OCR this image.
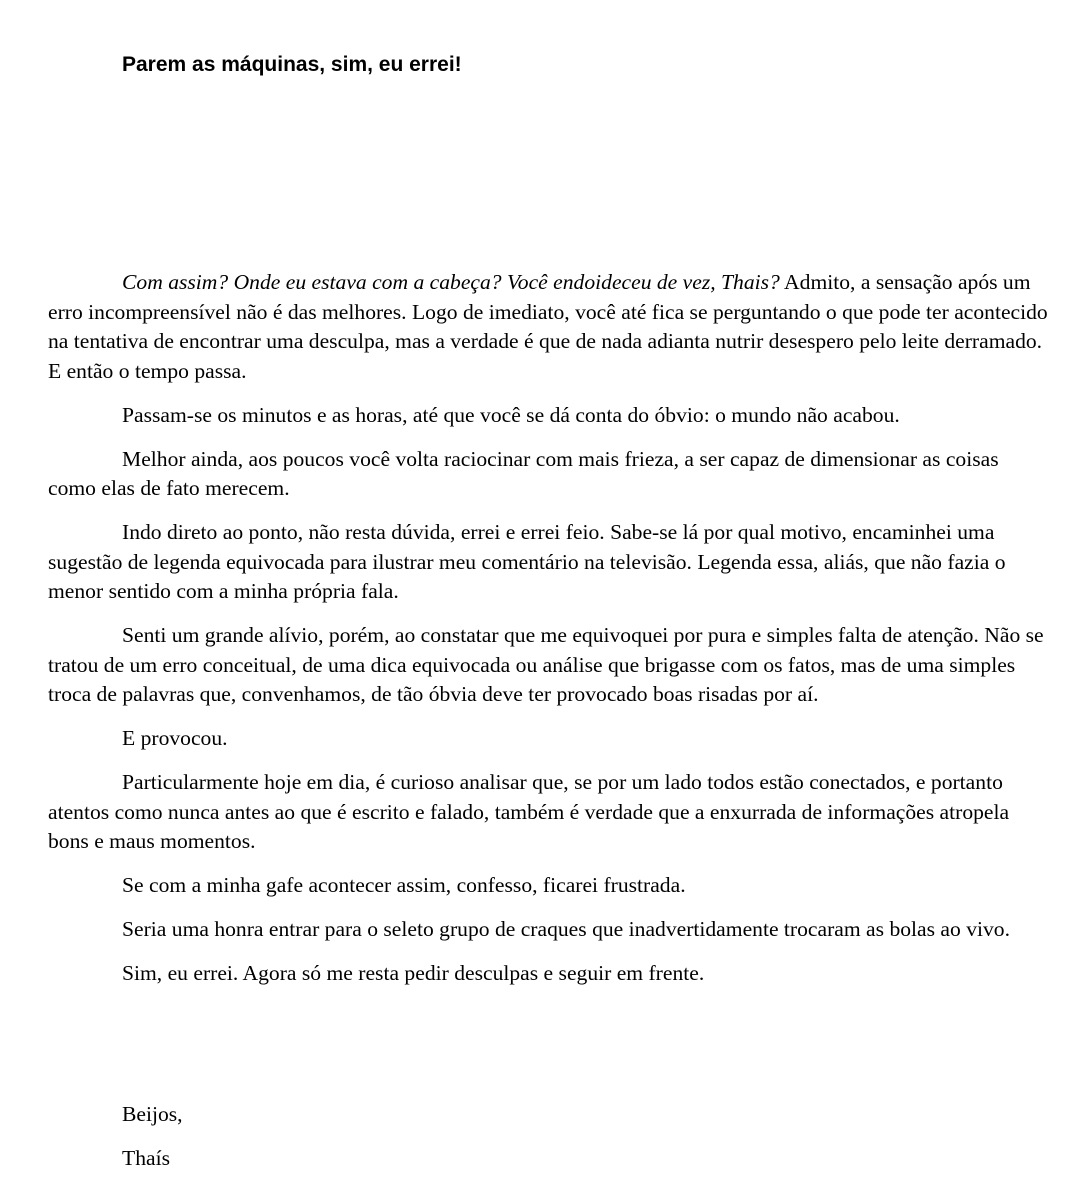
Parem as máquinas, sim, eu errei!

Com assim? Onde eu estava com a cabeça? Você endoideceu de vez, Thais? Admito, a sensação após um erro incompreensível não é das melhores. Logo de imediato, você até fica se perguntando o que pode ter acontecido na tentativa de encontrar uma desculpa, mas a verdade é que de nada adianta nutrir desespero pelo leite derramado. E então o tempo passa.

Passam-se os minutos e as horas, até que você se dá conta do óbvio: o mundo não acabou.

Melhor ainda, aos poucos você volta raciocinar com mais frieza, a ser capaz de dimensionar as coisas como elas de fato merecem.

Indo direto ao ponto, não resta dúvida, errei e errei feio. Sabe-se lá por qual motivo, encaminhei uma sugestão de legenda equivocada para ilustrar meu comentário na televisão. Legenda essa, aliás, que não fazia o menor sentido com a minha própria fala.

Senti um grande alívio, porém, ao constatar que me equivoquei por pura e simples falta de atenção. Não se tratou de um erro conceitual, de uma dica equivocada ou análise que brigasse com os fatos, mas de uma simples troca de palavras que, convenhamos, de tão óbvia deve ter provocado boas risadas por aí.

E provocou.

Particularmente hoje em dia, é curioso analisar que, se por um lado todos estão conectados, e portanto atentos como nunca antes ao que é escrito e falado, também é verdade que a enxurrada de informações atropela bons e maus momentos.

Se com a minha gafe acontecer assim, confesso, ficarei frustrada.

Seria uma honra entrar para o seleto grupo de craques que inadvertidamente trocaram as bolas ao vivo.

Sim, eu errei. Agora só me resta pedir desculpas e seguir em frente.

Beijos,

Thaís
